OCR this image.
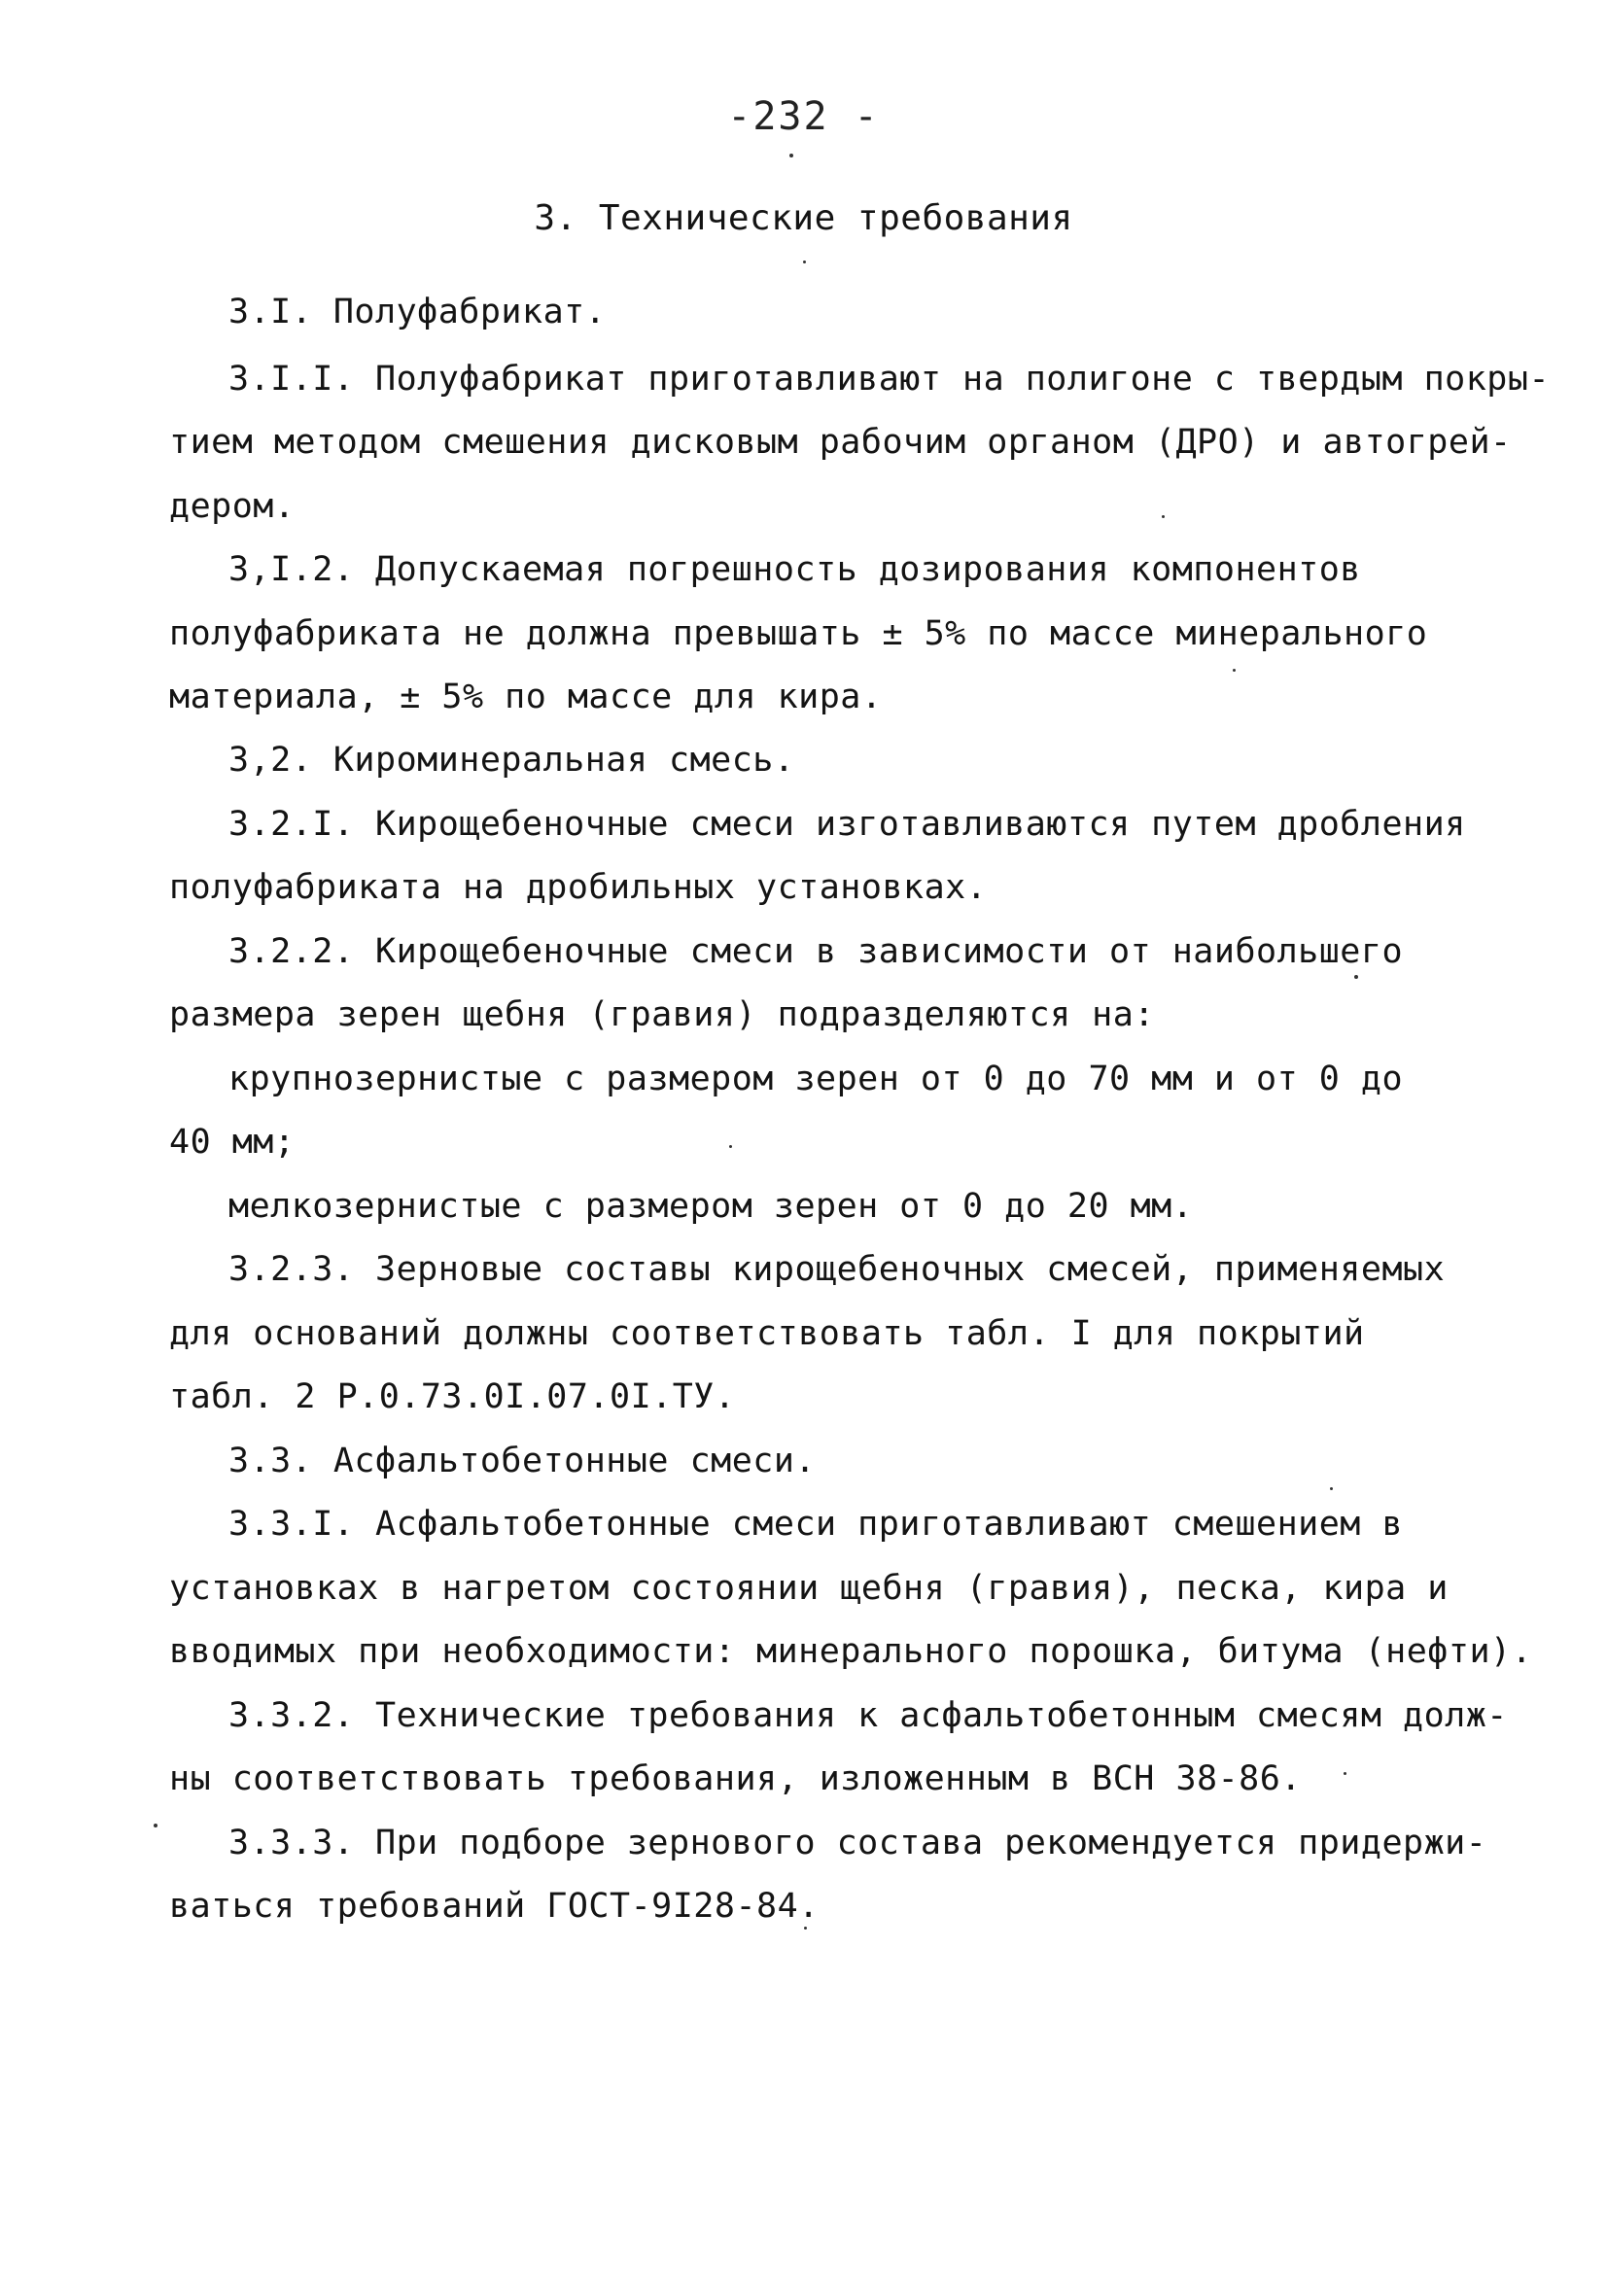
-232 -
3. Технические требования
3.I. Полуфабрикат.
3.I.I. Полуфабрикат приготавливают на полигоне с твердым покры-
тием методом смешения дисковым рабочим органом (ДРО) и автогрей-
дером.
3,I.2. Допускаемая погрешность дозирования компонентов
полуфабриката не должна превышать ± 5% по массе минерального
материала, ± 5% по массе для кира.
3,2. Кироминеральная смесь.
3.2.I. Кирощебеночные смеси изготавливаются путем дробления
полуфабриката на дробильных установках.
3.2.2. Кирощебеночные смеси в зависимости от наибольшего
размера зерен щебня (гравия) подразделяются на:
крупнозернистые с размером зерен от 0 до 70 мм и от 0 до
40 мм;
мелкозернистые с размером зерен от 0 до 20 мм.
3.2.3. Зерновые составы кирощебеночных смесей, применяемых
для оснований должны соответствовать табл. I для покрытий
табл. 2 Р.0.73.0I.07.0I.ТУ.
3.3. Асфальтобетонные смеси.
3.3.I. Асфальтобетонные смеси приготавливают смешением в
установках в нагретом состоянии щебня (гравия), песка, кира и
вводимых при необходимости: минерального порошка, битума (нефти).
3.3.2. Технические требования к асфальтобетонным смесям долж-
ны соответствовать требования, изложенным в ВСН 38-86.
3.3.3. При подборе зернового состава рекомендуется придержи-
ваться требований ГОСТ-9I28-84.
